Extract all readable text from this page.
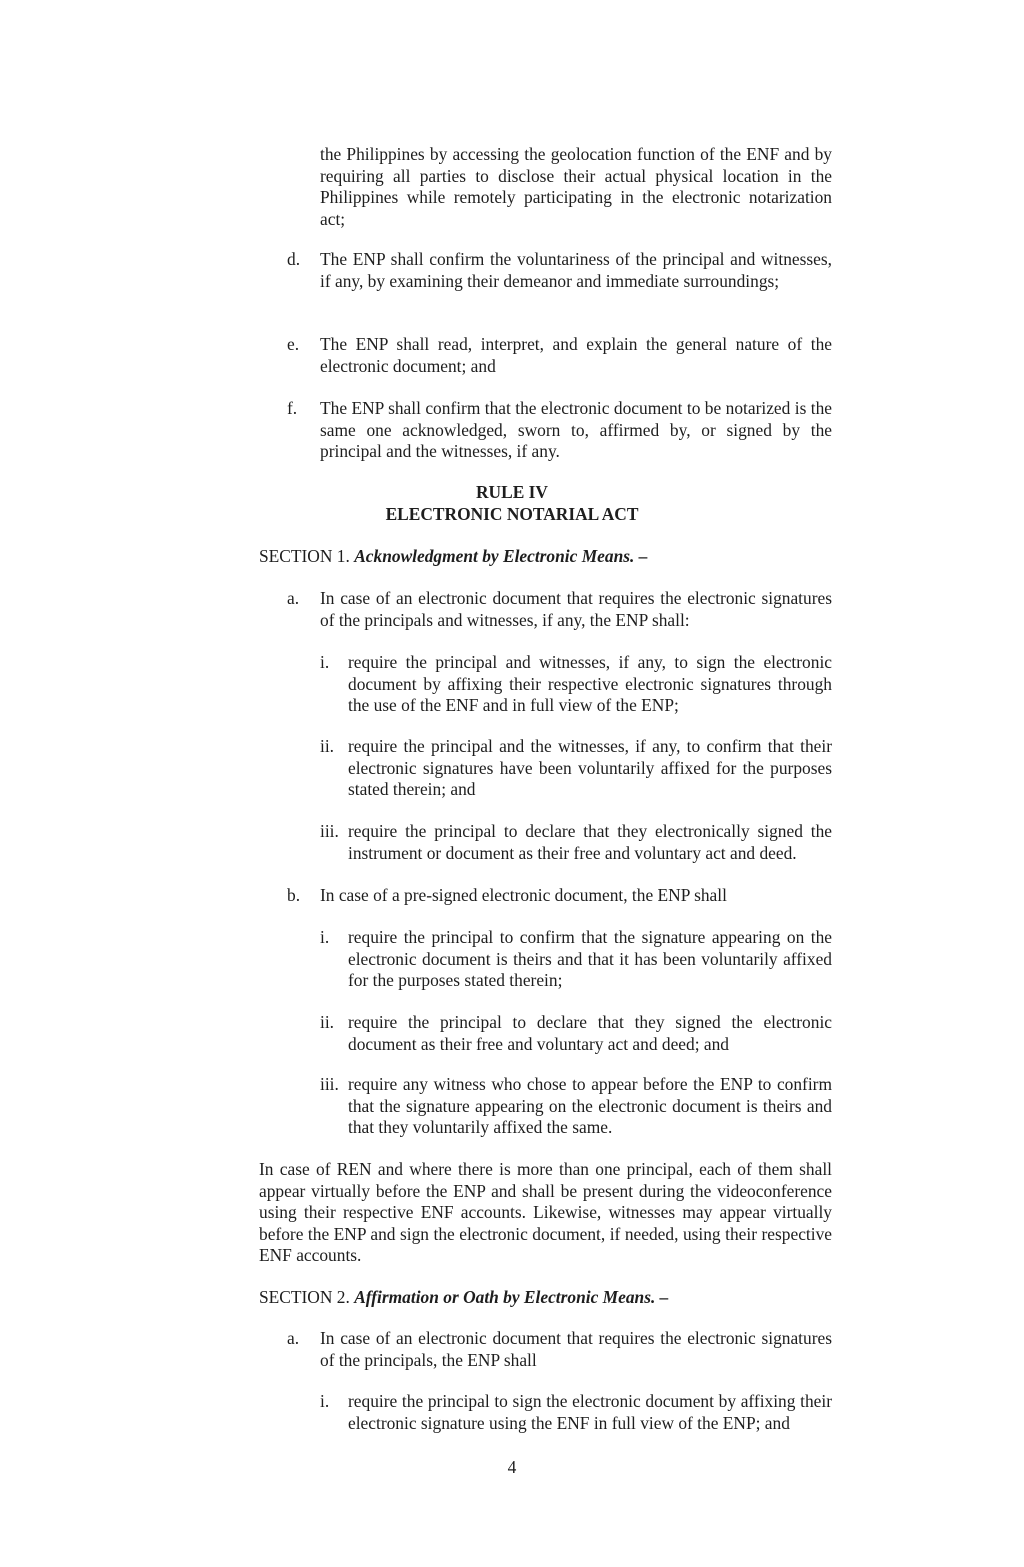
the Philippines by accessing the geolocation function of the ENF and by requiring all parties to disclose their actual physical location in the Philippines while remotely participating in the electronic notarization act;
d. The ENP shall confirm the voluntariness of the principal and witnesses, if any, by examining their demeanor and immediate surroundings;
e. The ENP shall read, interpret, and explain the general nature of the electronic document; and
f. The ENP shall confirm that the electronic document to be notarized is the same one acknowledged, sworn to, affirmed by, or signed by the principal and the witnesses, if any.
RULE IV
ELECTRONIC NOTARIAL ACT
SECTION 1. Acknowledgment by Electronic Means. –
a. In case of an electronic document that requires the electronic signatures of the principals and witnesses, if any, the ENP shall:
i. require the principal and witnesses, if any, to sign the electronic document by affixing their respective electronic signatures through the use of the ENF and in full view of the ENP;
ii. require the principal and the witnesses, if any, to confirm that their electronic signatures have been voluntarily affixed for the purposes stated therein; and
iii. require the principal to declare that they electronically signed the instrument or document as their free and voluntary act and deed.
b. In case of a pre-signed electronic document, the ENP shall
i. require the principal to confirm that the signature appearing on the electronic document is theirs and that it has been voluntarily affixed for the purposes stated therein;
ii. require the principal to declare that they signed the electronic document as their free and voluntary act and deed; and
iii. require any witness who chose to appear before the ENP to confirm that the signature appearing on the electronic document is theirs and that they voluntarily affixed the same.
In case of REN and where there is more than one principal, each of them shall appear virtually before the ENP and shall be present during the videoconference using their respective ENF accounts. Likewise, witnesses may appear virtually before the ENP and sign the electronic document, if needed, using their respective ENF accounts.
SECTION 2. Affirmation or Oath by Electronic Means. –
a. In case of an electronic document that requires the electronic signatures of the principals, the ENP shall
i. require the principal to sign the electronic document by affixing their electronic signature using the ENF in full view of the ENP; and
4
